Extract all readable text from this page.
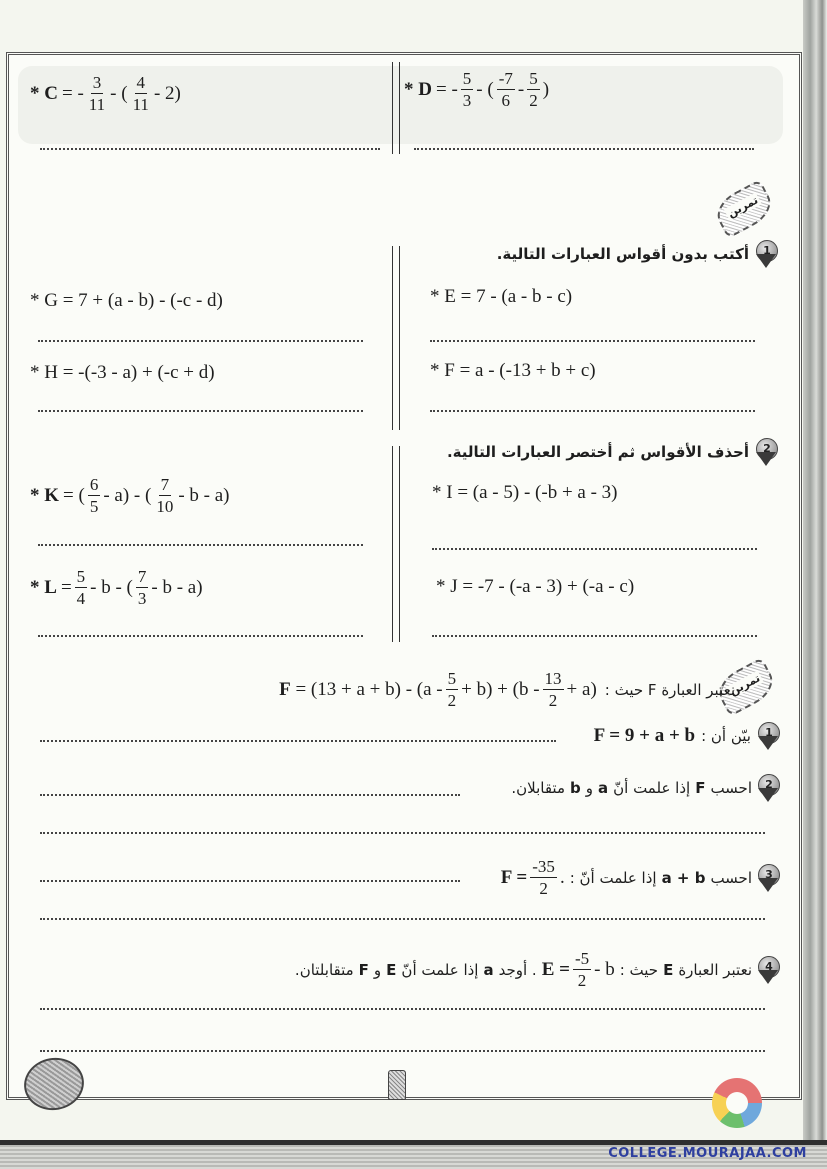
* C =
- $\frac{3}{11}$ -
( $\frac{4}{11} - 2$)	* D =
- $\frac{5}{3}$ -
( $\frac{-7}{6} - \frac{5}{2}$ )
تمرين
1
أكتب بدون أقواس العبارات التالية.
* E = 7 - (a - b - c)
* G = 7 + (a - b) - (-c - d)
* F = a - (-13 + b + c)
* H = -(-3 - a) + (-c + d)
2
أحذف الأقواس ثم أختصر العبارات التالية.
* I = (a - 5) - (-b + a - 3)
* K = ( $\frac{6}{5} - a$) - ( $\frac{7}{10}$ - b - a)
* J = -7 - (-a - 3) + (-a - c)
* $L = \frac{5}{4} - b$ - ( $\frac{7}{3}$ - b - a)
تمرين
نعتبر العبارة F حيث :
F
= $(13 + a + b) - (a - \frac{5}{2} + b) + (b - \frac{13}{2} + a)$
1
بيّن أن :
F = 9 + a + b
2
احسب
F
إذا علمت أنّ
a
و
b
متقابلان.
3
احسب
a + b
إذا علمت أنّ :
$F = \frac{-35}{2}$ .
4
نعتبر العبارة
E
حيث :
$E = \frac{-5}{2} - b$
. أوجد
a
إذا علمت أنّ
E
و
F
متقابلتان.
COLLEGE.MOURAJAA.COM
